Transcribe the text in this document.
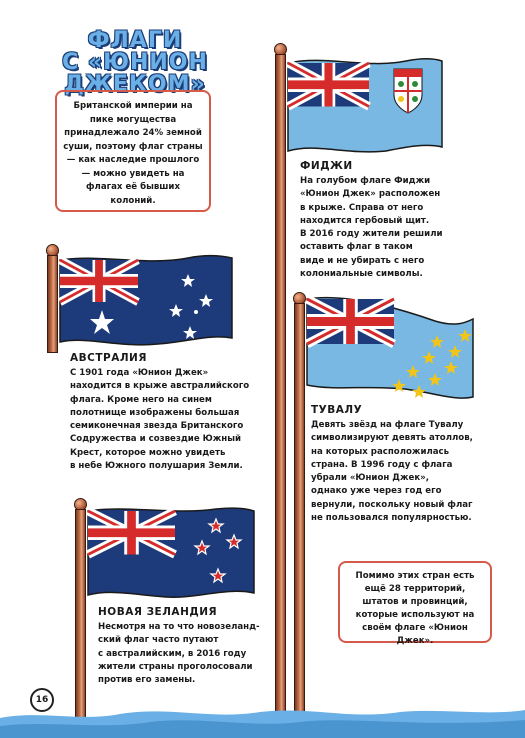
ФЛАГИ
С «ЮНИОН
ДЖЕКОМ»
Британской империи на пике могущества принадлежало 24% земной суши, поэтому флаг страны — как наследие прошлого — можно увидеть на флагах её бывших колоний.
ФИДЖИ
На голубом флаге Фиджи
«Юнион Джек» расположен
в крыже. Справа от него
находится гербовый щит.
В 2016 году жители решили
оставить флаг в таком
виде и не убирать с него
колониальные символы.
АВСТРАЛИЯ
С 1901 года «Юнион Джек»
находится в крыже австралийского
флага. Кроме него на синем
полотнище изображены большая
семиконечная звезда Британского
Содружества и созвездие Южный
Крест, которое можно увидеть
в небе Южного полушария Земли.
ТУВАЛУ
Девять звёзд на флаге Тувалу
символизируют девять атоллов,
на которых расположилась
страна. В 1996 году с флага
убрали «Юнион Джек»,
однако уже через год его
вернули, поскольку новый флаг
не пользовался популярностью.
НОВАЯ ЗЕЛАНДИЯ
Несмотря на то что новозеланд-
ский флаг часто путают
с австралийским, в 2016 году
жители страны проголосовали
против его замены.
Помимо этих стран есть ещё 28 территорий, штатов и провинций, которые используют на своём флаге «Юнион Джек».
16
